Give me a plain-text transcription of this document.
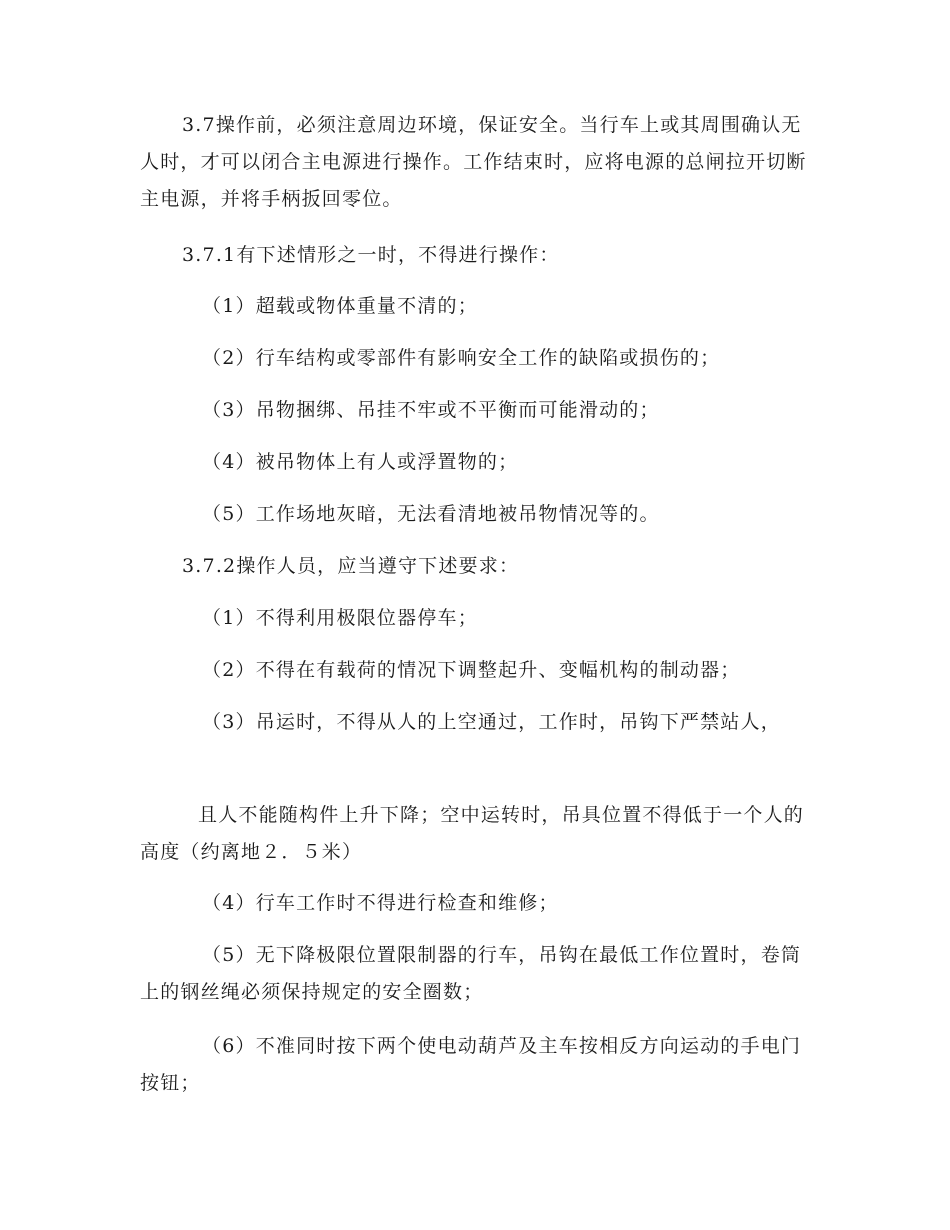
3.7操作前，必须注意周边环境，保证安全。当行车上或其周围确认无人时，才可以闭合主电源进行操作。工作结束时，应将电源的总闸拉开切断主电源，并将手柄扳回零位。

3.7.1有下述情形之一时，不得进行操作：

（1）超载或物体重量不清的；

（2）行车结构或零部件有影响安全工作的缺陷或损伤的；

（3）吊物捆绑、吊挂不牢或不平衡而可能滑动的；

（4）被吊物体上有人或浮置物的；

（5）工作场地灰暗，无法看清地被吊物情况等的。

3.7.2操作人员，应当遵守下述要求：

（1）不得利用极限位器停车；

（2）不得在有载荷的情况下调整起升、变幅机构的制动器；

（3）吊运时，不得从人的上空通过，工作时，吊钩下严禁站人，

且人不能随构件上升下降；空中运转时，吊具位置不得低于一个人的高度（约离地２．５米）

（4）行车工作时不得进行检查和维修；

（5）无下降极限位置限制器的行车，吊钩在最低工作位置时，卷筒上的钢丝绳必须保持规定的安全圈数；

（6）不准同时按下两个使电动葫芦及主车按相反方向运动的手电门按钮；
